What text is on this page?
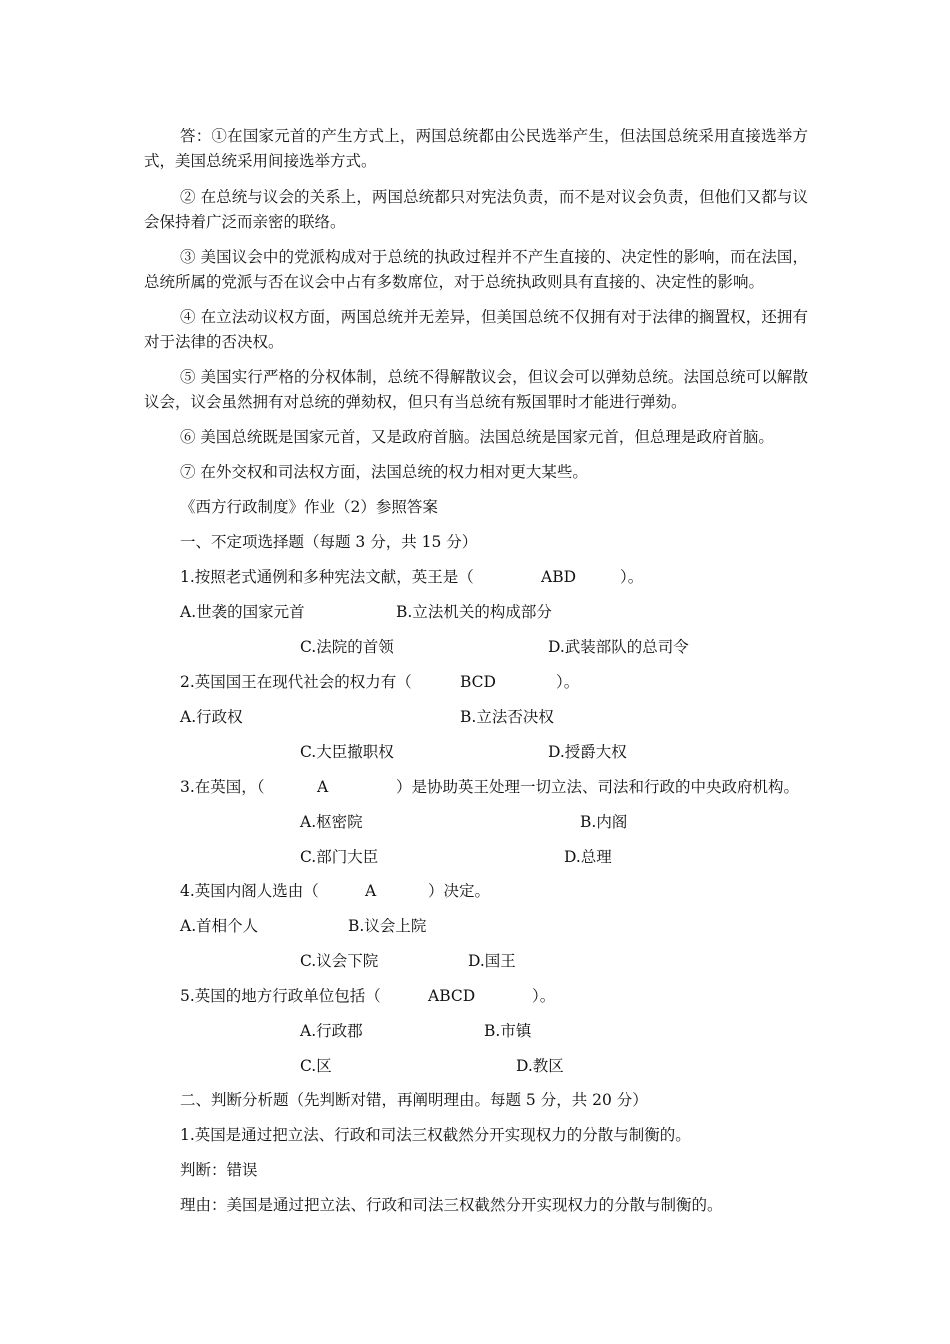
答：①在国家元首的产生方式上，两国总统都由公民选举产生，但法国总统采用直接选举方式，美国总统采用间接选举方式。

② 在总统与议会的关系上，两国总统都只对宪法负责，而不是对议会负责，但他们又都与议会保持着广泛而亲密的联络。

③ 美国议会中的党派构成对于总统的执政过程并不产生直接的、决定性的影响，而在法国，总统所属的党派与否在议会中占有多数席位，对于总统执政则具有直接的、决定性的影响。

④ 在立法动议权方面，两国总统并无差异，但美国总统不仅拥有对于法律的搁置权，还拥有对于法律的否决权。

⑤ 美国实行严格的分权体制，总统不得解散议会，但议会可以弹劾总统。法国总统可以解散议会，议会虽然拥有对总统的弹劾权，但只有当总统有叛国罪时才能进行弹劾。

⑥ 美国总统既是国家元首，又是政府首脑。法国总统是国家元首，但总理是政府首脑。
⑦ 在外交权和司法权方面，法国总统的权力相对更大某些。
《西方行政制度》作业（2）参照答案
一、不定项选择题（每题 3 分，共 15 分）
1.按照老式通例和多种宪法文献，英王是（	ABD	）。
A.世袭的国家元首	B.立法机关的构成部分
C.法院的首领	D.武装部队的总司令
2.英国国王在现代社会的权力有（	BCD	）。
A.行政权	B.立法否决权
C.大臣撤职权	D.授爵大权
3.在英国，（	A	）是协助英王处理一切立法、司法和行政的中央政府机构。
A.枢密院	B.内阁
C.部门大臣	D.总理
4.英国内阁人选由（	A	）决定。
A.首相个人	B.议会上院
C.议会下院	D.国王
5.英国的地方行政单位包括（	ABCD	）。
A.行政郡	B.市镇
C.区	D.教区
二、判断分析题（先判断对错，再阐明理由。每题 5 分，共 20 分）
1.英国是通过把立法、行政和司法三权截然分开实现权力的分散与制衡的。
判断：错误
理由：美国是通过把立法、行政和司法三权截然分开实现权力的分散与制衡的。
